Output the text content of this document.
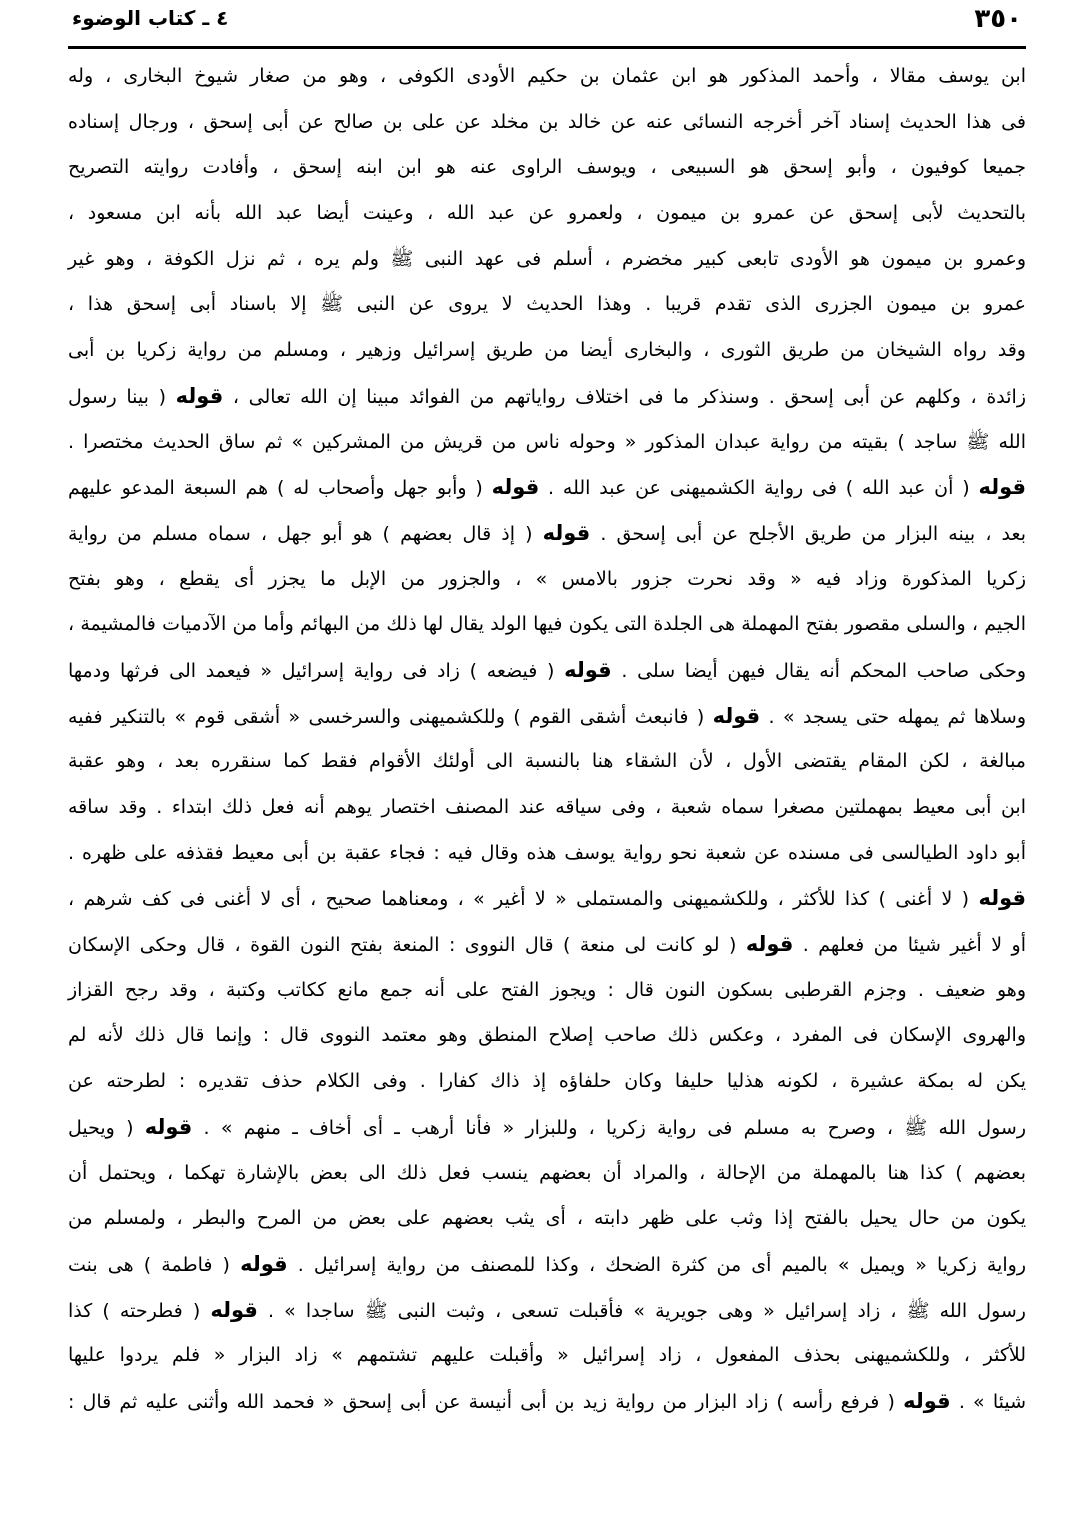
٣٥٠
٤ ـ كتاب الوضوء
ابن يوسف مقالا ، وأحمد المذكور هو ابن عثمان بن حكيم الأودى الكوفى ، وهو من صغار شيوخ البخارى ، وله
فى هذا الحديث إسناد آخر أخرجه النسائى عنه عن خالد بن مخلد عن على بن صالح عن أبى إسحق ، ورجال إسناده
جميعا كوفيون ، وأبو إسحق هو السبيعى ، ويوسف الراوى عنه هو ابن ابنه إسحق ، وأفادت روايته التصريح
بالتحديث لأبى إسحق عن عمرو بن ميمون ، ولعمرو عن عبد الله ، وعينت أيضا عبد الله بأنه ابن مسعود ،
وعمرو بن ميمون هو الأودى تابعى كبير مخضرم ، أسلم فى عهد النبى ﷺ ولم يره ، ثم نزل الكوفة ، وهو غير
عمرو بن ميمون الجزرى الذى تقدم قريبا . وهذا الحديث لا يروى عن النبى ﷺ إلا باسناد أبى إسحق هذا ،
وقد رواه الشيخان من طريق الثورى ، والبخارى أيضا من طريق إسرائيل وزهير ، ومسلم من رواية زكريا بن أبى
زائدة ، وكلهم عن أبى إسحق . وسنذكر ما فى اختلاف رواياتهم من الفوائد مبينا إن الله تعالى ، قوله ( بينا رسول
الله ﷺ ساجد ) بقيته من رواية عبدان المذكور « وحوله ناس من قريش من المشركين » ثم ساق الحديث مختصرا .
قوله ( أن عبد الله ) فى رواية الكشميهنى عن عبد الله . قوله ( وأبو جهل وأصحاب له ) هم السبعة المدعو عليهم
بعد ، بينه البزار من طريق الأجلح عن أبى إسحق . قوله ( إذ قال بعضهم ) هو أبو جهل ، سماه مسلم من رواية
زكريا المذكورة وزاد فيه « وقد نحرت جزور بالامس » ، والجزور من الإبل ما يجزر أى يقطع ، وهو بفتح
الجيم ، والسلى مقصور بفتح المهملة هى الجلدة التى يكون فيها الولد يقال لها ذلك من البهائم وأما من الآدميات فالمشيمة ،
وحكى صاحب المحكم أنه يقال فيهن أيضا سلى . قوله ( فيضعه ) زاد فى رواية إسرائيل « فيعمد الى فرثها ودمها
وسلاها ثم يمهله حتى يسجد » . قوله ( فانبعث أشقى القوم ) وللكشميهنى والسرخسى « أشقى قوم » بالتنكير ففيه
مبالغة ، لكن المقام يقتضى الأول ، لأن الشقاء هنا بالنسبة الى أولئك الأقوام فقط كما سنقرره بعد ، وهو عقبة
ابن أبى معيط بمهملتين مصغرا سماه شعبة ، وفى سياقه عند المصنف اختصار يوهم أنه فعل ذلك ابتداء . وقد ساقه
أبو داود الطيالسى فى مسنده عن شعبة نحو رواية يوسف هذه وقال فيه : فجاء عقبة بن أبى معيط فقذفه على ظهره .
قوله ( لا أغنى ) كذا للأكثر ، وللكشميهنى والمستملى « لا أغير » ، ومعناهما صحيح ، أى لا أغنى فى كف شرهم ،
أو لا أغير شيئا من فعلهم . قوله ( لو كانت لى منعة ) قال النووى : المنعة بفتح النون القوة ، قال وحكى الإسكان
وهو ضعيف . وجزم القرطبى بسكون النون قال : ويجوز الفتح على أنه جمع مانع ككاتب وكتبة ، وقد رجح القزاز
والهروى الإسكان فى المفرد ، وعكس ذلك صاحب إصلاح المنطق وهو معتمد النووى قال : وإنما قال ذلك لأنه لم
يكن له بمكة عشيرة ، لكونه هذليا حليفا وكان حلفاؤه إذ ذاك كفارا . وفى الكلام حذف تقديره : لطرحته عن
رسول الله ﷺ ، وصرح به مسلم فى رواية زكريا ، وللبزار « فأنا أرهب ـ أى أخاف ـ منهم » . قوله ( ويحيل
بعضهم ) كذا هنا بالمهملة من الإحالة ، والمراد أن بعضهم ينسب فعل ذلك الى بعض بالإشارة تهكما ، ويحتمل أن
يكون من حال يحيل بالفتح إذا وثب على ظهر دابته ، أى يثب بعضهم على بعض من المرح والبطر ، ولمسلم من
رواية زكريا « ويميل » بالميم أى من كثرة الضحك ، وكذا للمصنف من رواية إسرائيل . قوله ( فاطمة ) هى بنت
رسول الله ﷺ ، زاد إسرائيل « وهى جويرية » فأقبلت تسعى ، وثبت النبى ﷺ ساجدا » . قوله ( فطرحته ) كذا
للأكثر ، وللكشميهنى بحذف المفعول ، زاد إسرائيل « وأقبلت عليهم تشتمهم » زاد البزار « فلم يردوا عليها
شيئا » . قوله ( فرفع رأسه ) زاد البزار من رواية زيد بن أبى أنيسة عن أبى إسحق « فحمد الله وأثنى عليه ثم قال :
